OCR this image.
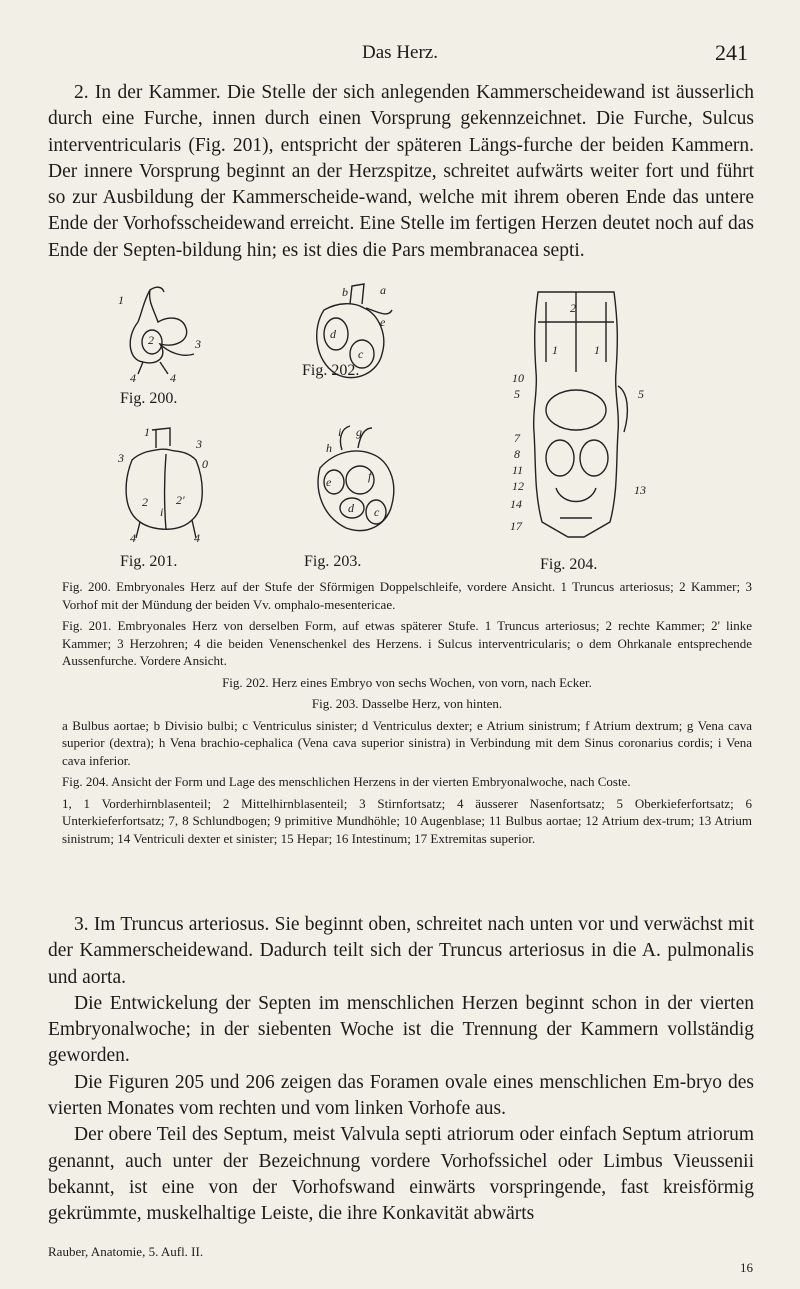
Das Herz.	241

2. In der Kammer. Die Stelle der sich anlegenden Kammerscheidewand ist äusserlich durch eine Furche, innen durch einen Vorsprung gekennzeichnet. Die Furche, Sulcus interventricularis (Fig. 201), entspricht der späteren Längs-furche der beiden Kammern. Der innere Vorsprung beginnt an der Herzspitze, schreitet aufwärts weiter fort und führt so zur Ausbildung der Kammerscheide-wand, welche mit ihrem oberen Ende das untere Ende der Vorhofsscheidewand erreicht. Eine Stelle im fertigen Herzen deutet noch auf das Ende der Septen-bildung hin; es ist dies die Pars membranacea septi.

1
2	3
4	4
Fig. 200.
1
3
3
0
2 2'
i
4	4
Fig. 201.
b	a
d
e
c
Fig. 202.
i g
h
e	f
d c
Fig. 203.
2
1	1
10
5	5
7
8
11
12	13
14
17
Fig. 204.

Fig. 200. Embryonales Herz auf der Stufe der Sförmigen Doppelschleife, vordere Ansicht. 1 Truncus arteriosus; 2 Kammer; 3 Vorhof mit der Mündung der beiden Vv. omphalo-mesentericae.

Fig. 201. Embryonales Herz von derselben Form, auf etwas späterer Stufe. 1 Truncus arteriosus; 2 rechte Kammer; 2' linke Kammer; 3 Herzohren; 4 die beiden Venenschenkel des Herzens. i Sulcus interventricularis; o dem Ohrkanale entsprechende Aussenfurche. Vordere Ansicht.

Fig. 202. Herz eines Embryo von sechs Wochen, von vorn, nach Ecker.

Fig. 203. Dasselbe Herz, von hinten.

a Bulbus aortae; b Divisio bulbi; c Ventriculus sinister; d Ventriculus dexter; e Atrium sinistrum; f Atrium dextrum; g Vena cava superior (dextra); h Vena brachio-cephalica (Vena cava superior sinistra) in Verbindung mit dem Sinus coronarius cordis; i Vena cava inferior.

Fig. 204. Ansicht der Form und Lage des menschlichen Herzens in der vierten Embryonalwoche, nach Coste.

1, 1 Vorderhirnblasenteil; 2 Mittelhirnblasenteil; 3 Stirnfortsatz; 4 äusserer Nasenfortsatz; 5 Oberkieferfortsatz; 6 Unterkieferfortsatz; 7, 8 Schlundbogen; 9 primitive Mundhöhle; 10 Augenblase; 11 Bulbus aortae; 12 Atrium dex-trum; 13 Atrium sinistrum; 14 Ventriculi dexter et sinister; 15 Hepar; 16 Intestinum; 17 Extremitas superior.

3. Im Truncus arteriosus. Sie beginnt oben, schreitet nach unten vor und verwächst mit der Kammerscheidewand. Dadurch teilt sich der Truncus arteriosus in die A. pulmonalis und aorta.

Die Entwickelung der Septen im menschlichen Herzen beginnt schon in der vierten Embryonalwoche; in der siebenten Woche ist die Trennung der Kammern vollständig geworden.

Die Figuren 205 und 206 zeigen das Foramen ovale eines menschlichen Em-bryo des vierten Monates vom rechten und vom linken Vorhofe aus.

Der obere Teil des Septum, meist Valvula septi atriorum oder einfach Septum atriorum genannt, auch unter der Bezeichnung vordere Vorhofssichel oder Limbus Vieussenii bekannt, ist eine von der Vorhofswand einwärts vorspringende, fast kreisförmig gekrümmte, muskelhaltige Leiste, die ihre Konkavität abwärts

Rauber, Anatomie, 5. Aufl. II.
16
